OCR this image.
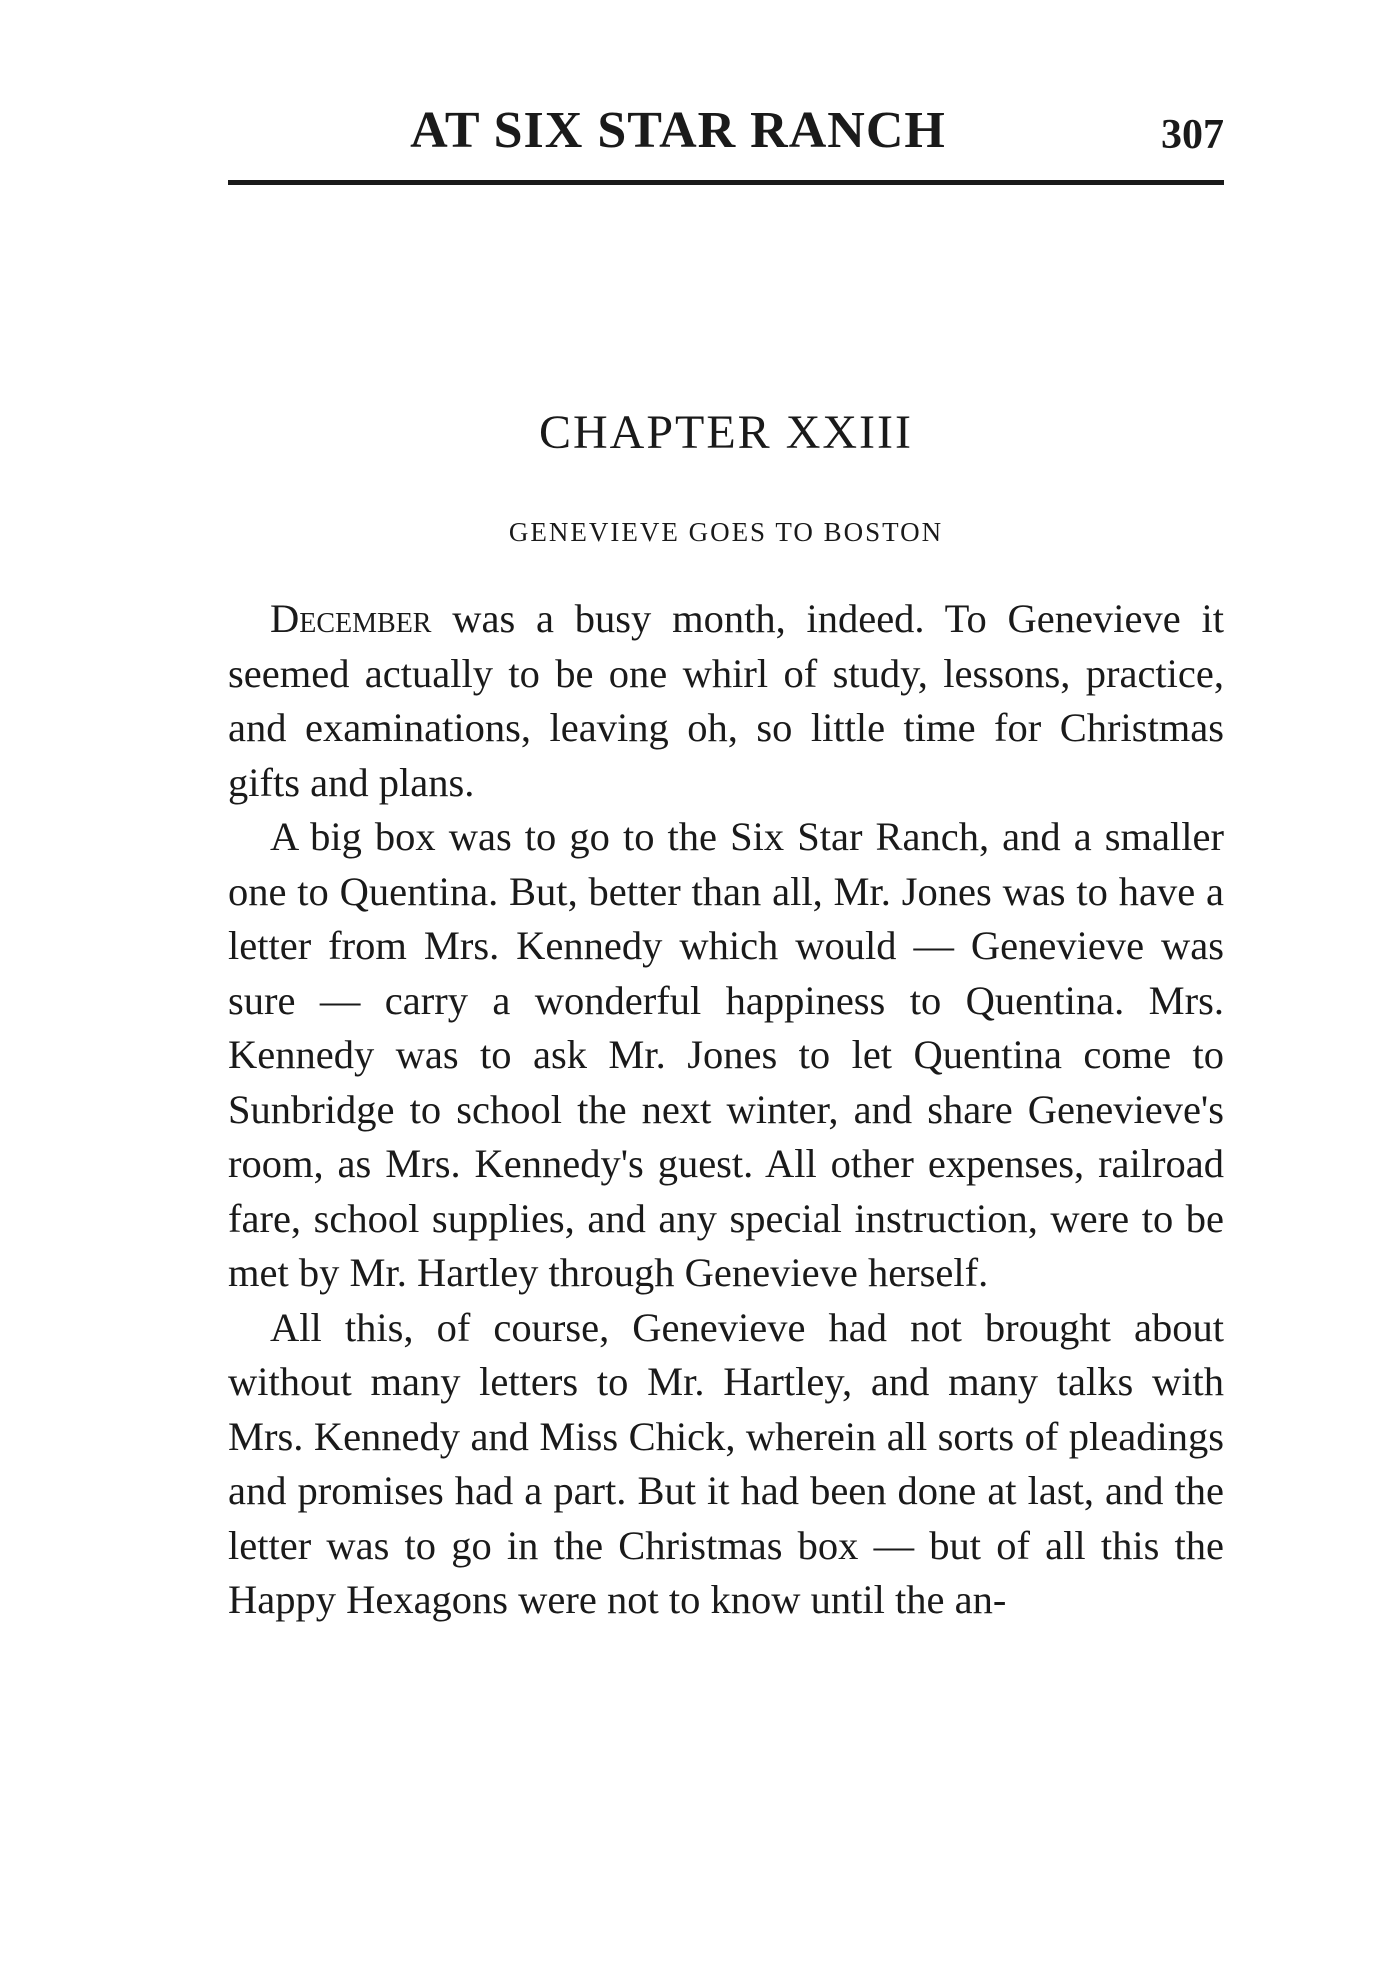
AT SIX STAR RANCH	307
CHAPTER XXIII
GENEVIEVE GOES TO BOSTON

December was a busy month, indeed. To Genevieve it seemed actually to be one whirl of study, lessons, practice, and examinations, leaving oh, so little time for Christmas gifts and plans.

A big box was to go to the Six Star Ranch, and a smaller one to Quentina. But, better than all, Mr. Jones was to have a letter from Mrs. Kennedy which would — Genevieve was sure — carry a wonderful happiness to Quentina. Mrs. Kennedy was to ask Mr. Jones to let Quentina come to Sunbridge to school the next winter, and share Genevieve's room, as Mrs. Kennedy's guest. All other expenses, railroad fare, school supplies, and any special instruction, were to be met by Mr. Hartley through Genevieve herself.

All this, of course, Genevieve had not brought about without many letters to Mr. Hartley, and many talks with Mrs. Kennedy and Miss Chick, wherein all sorts of pleadings and promises had a part. But it had been done at last, and the letter was to go in the Christmas box — but of all this the Happy Hexagons were not to know until the an-
